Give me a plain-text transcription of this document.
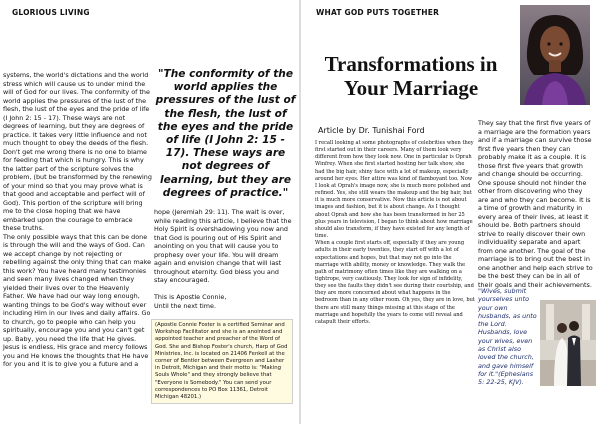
GLORIOUS LIVING

systems, the world's dictations and the world stress which will cause us to under mind the will of God for our lives. The conformity of the world applies the pressures of the lust of the flesh, the lust of the eyes and the pride of life (I John 2: 15 - 17). These ways are not degrees of learning, but they are degrees of practice. It takes very little influence and not much thought to obey the deeds of the flesh. Don't get me wrong there is no one to blame for feeding that which is hungry. This is why the latter part of the scripture solves the problem, (but be transformed by the renewing of your mind so that you may prove what is that good and acceptable and perfect will of God). This portion of the scripture will bring me to the close hoping that we have embarked upon the courage to embrace these truths.
The only possible ways that this can be done is through the will and the ways of God. Can we accept change by not rejecting or rebelling against the only thing that can make this work? You have heard many testimonies and seen many lives changed when they yielded their lives over to the Heavenly Father. We have had our way long enough, wanting things to be God's way without ever including Him in our lives and daily affairs. Go to church, go to people who can help you spiritually, encourage you and you can't get up. Baby, you need the life that He gives. Jesus is endless, His grace and mercy follows you and He knows the thoughts that He have for you and it is to give you a future and a

"The conformity of the world applies the pressures of the lust of the flesh, the lust of the eyes and the pride of life (I John 2: 15 - 17). These ways are not degrees of learning, but they are degrees of practice."

hope (Jeremiah 29: 11). The wait is over, while reading this article, I believe that the Holy Spirit is overshadowing you now and that God is pouring out of His Spirit and anointing on you that will cause you to prophesy over your life. You will dream again and envision change that will last throughout eternity. God bless you and stay encouraged.

This is Apostle Connie,
Until the next time.

(Apostle Connie Foster is a certified Seminar and Workshop Facilitator and she is an anointed and appointed teacher and preacher of the Word of God. She and Bishop Foster's church, Harp of God Ministries, Inc. is located on 21406 Fenkell at the corner of Bentler between Evergreen and Lasher in Detroit, Michigan and their motto is: "Making Souls Whole" and they strongly believe that "Everyone is Somebody." You can send your correspondences to PO Box 11361, Detroit Michigan 48201.)

WHAT GOD PUTS TOGETHER
Transformations in Your Marriage

Article by Dr. Tunishai Ford

I recall looking at some photographs of celebrities when they first started out in their careers. Many of them look very different from how they look now. One in particular is Oprah Winfrey. When she first started hosting her talk show, she had the big hair, shiny face with a lot of makeup, especially around her eyes. Her attire was kind of flamboyant too. Now I look at Oprah's image now, she is much more polished and refined. Yes, she still wears the makeup and the big hair, but it is much more conservative. Now this article is not about images and fashion, but it is about change. As I thought about Oprah and how she has been transformed in her 25 plus years in television, I began to think about how marriage should also transform, if they have existed for any length of time.
When a couple first starts off, especially if they are young adults in their early twenties, they start off with a lot of expectations and hopes, but that may not go into the marriage with ability, money or knowledge. They walk the path of matrimony often times like they are walking on a tightrope, very cautiously. They look for sign of infidelity, they see the faults they didn't see during their courtship, and they are more concerned about what happens in the bedroom than in any other room. Oh yes, they are in love, but there are still many things missing at this stage of the marriage and hopefully the years to come will reveal and catapult their efforts.

They say that the first five years of a marriage are the formation years and if a marriage can survive those first five years then they can probably make it as a couple. It is those first five years that growth and change should be occurring. One spouse should not hinder the other from discovering who they are and who they can become. It is a time of growth and maturity in every area of their lives, at least it should be. Both partners should strive to really discover their own individuality separate and apart from one another. The goal of the marriage is to bring out the best in one another and help each strive to be the best they can be in all of their goals and their achievements.

"Wives, submit yourselves unto your own husbands, as unto the Lord. Husbands, love your wives, even as Christ also loved the church, and gave himself for it."(Ephesians 5: 22-25, KJV).
